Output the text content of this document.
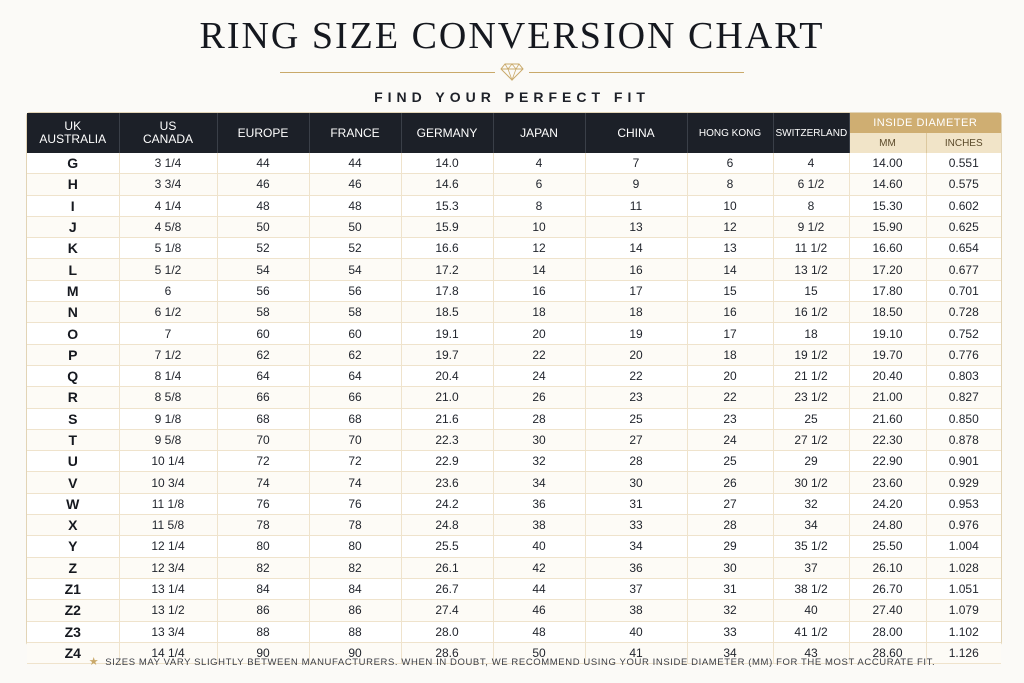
RING SIZE CONVERSION CHART
FIND YOUR PERFECT FIT
UK
AUSTRALIA	US
CANADA	EUROPE	FRANCE	GERMANY	JAPAN	CHINA	HONG KONG	SWITZERLAND	INSIDE DIAMETER	
									MM	INCHES
G	3 1/4	44	44	14.0	4	7	6	4	14.00	0.551
H	3 3/4	46	46	14.6	6	9	8	6 1/2	14.60	0.575
I	4 1/4	48	48	15.3	8	11	10	8	15.30	0.602
J	4 5/8	50	50	15.9	10	13	12	9 1/2	15.90	0.625
K	5 1/8	52	52	16.6	12	14	13	11 1/2	16.60	0.654
L	5 1/2	54	54	17.2	14	16	14	13 1/2	17.20	0.677
M	6	56	56	17.8	16	17	15	15	17.80	0.701
N	6 1/2	58	58	18.5	18	18	16	16 1/2	18.50	0.728
O	7	60	60	19.1	20	19	17	18	19.10	0.752
P	7 1/2	62	62	19.7	22	20	18	19 1/2	19.70	0.776
Q	8 1/4	64	64	20.4	24	22	20	21 1/2	20.40	0.803
R	8 5/8	66	66	21.0	26	23	22	23 1/2	21.00	0.827
S	9 1/8	68	68	21.6	28	25	23	25	21.60	0.850
T	9 5/8	70	70	22.3	30	27	24	27 1/2	22.30	0.878
U	10 1/4	72	72	22.9	32	28	25	29	22.90	0.901
V	10 3/4	74	74	23.6	34	30	26	30 1/2	23.60	0.929
W	11 1/8	76	76	24.2	36	31	27	32	24.20	0.953
X	11 5/8	78	78	24.8	38	33	28	34	24.80	0.976
Y	12 1/4	80	80	25.5	40	34	29	35 1/2	25.50	1.004
Z	12 3/4	82	82	26.1	42	36	30	37	26.10	1.028
Z1	13 1/4	84	84	26.7	44	37	31	38 1/2	26.70	1.051
Z2	13 1/2	86	86	27.4	46	38	32	40	27.40	1.079
Z3	13 3/4	88	88	28.0	48	40	33	41 1/2	28.00	1.102
Z4	14 1/4	90	90	28.6	50	41	34	43	28.60	1.126
★ SIZES MAY VARY SLIGHTLY BETWEEN MANUFACTURERS. WHEN IN DOUBT, WE RECOMMEND USING YOUR INSIDE DIAMETER (MM) FOR THE MOST ACCURATE FIT.
